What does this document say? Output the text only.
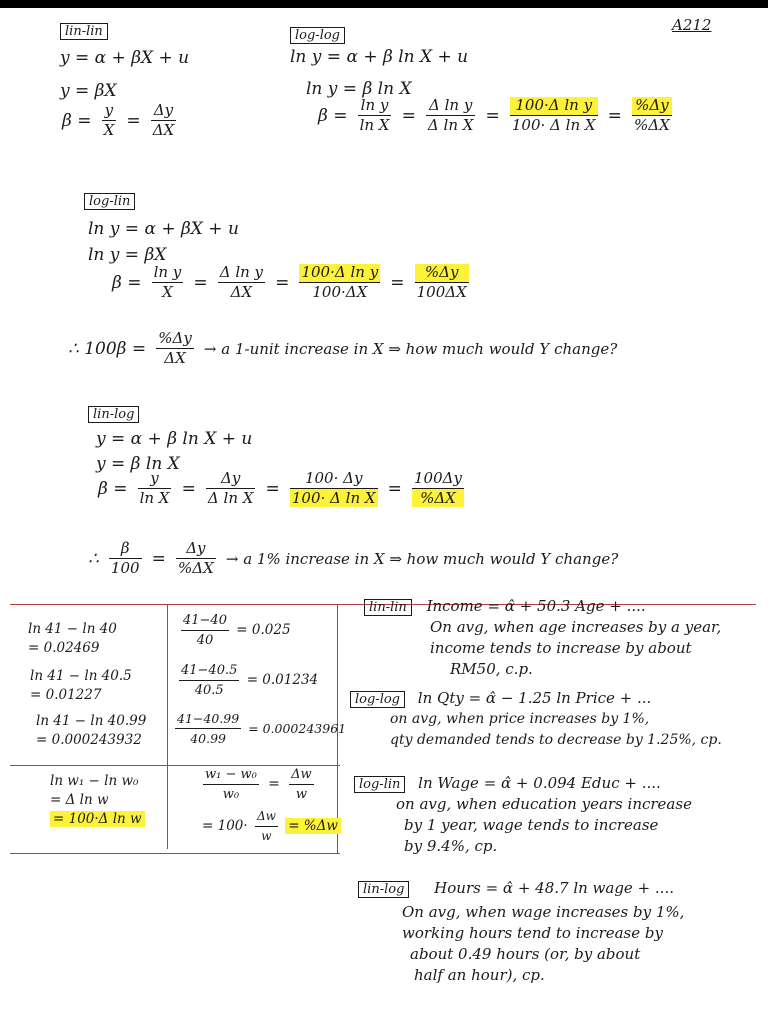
A212
lin-lin
y = α + βX + u
y = βX
$\beta = \frac{y}{X} = \frac{\Delta y}{\Delta X}$
log-log
ln y = α + β ln X + u
ln y = β ln X
$\beta = \frac{\text{ln y}}{\text{ln X}} = \frac{\text{Δ ln y}}{\text{Δ ln X}} = \frac{\text{100·Δ ln y}}{\text{100· Δ ln X}} = \frac{\%\Delta y}{\%\Delta X}$
log-lin
ln y = α + βX + u
ln y = βX
$\beta = \frac{\text{ln y}}{X} = \frac{\text{Δ ln y}}{\Delta X} = \frac{\text{100·Δ ln y}}{100\cdot\Delta X} = \frac{\%\Delta y}{100\Delta X}$
∴ $100\beta = \frac{\%\Delta y}{\Delta X} \to a$ 1-unit increase in X ⇒ how much would Y change?
lin-log
y = α + β ln X + u
y = β ln X
$\beta = \frac{y}{\text{ln X}} = \frac{\Delta y}{\text{Δ ln X}} = \frac{100\cdot \Delta y}{\text{100· Δ ln X}} = \frac{100\Delta y}{\%\Delta X}$
∴ $\frac{\beta}{100} = \frac{\Delta y}{\%\Delta X} \to a$ 1% increase in X ⇒ how much would Y change?
ln 41 − ln 40
= 0.02469
ln 41 − ln 40.5
= 0.01227
ln 41 − ln 40.99
= 0.000243932
ln w₁ − ln w₀
= Δ ln w
= 100·Δ ln w
$\frac{41-40}{40} = 0.025$
$\frac{41-40.5}{40.5} = 0.01234$
$\frac{41-40.99}{40.99} = 0.000243961$
$\frac{\text{w₁ − w₀}}{\text{w₀}} = \frac{\Delta w}{w}$
= $100\cdot \frac{\Delta w}{w} = \%\Delta w$
lin-lin Income = α̂ + 50.3 Age + ....
On avg, when age increases by a year,
income tends to increase by about
RM50, c.p.
log-log ln Qty = α̂ − 1.25 ln Price + ...
on avg, when price increases by 1%,
qty demanded tends to decrease by 1.25%, cp.
log-lin ln Wage = α̂ + 0.094 Educ + ....
on avg, when education years increase
by 1 year, wage tends to increase
by 9.4%, cp.
lin-log Hours = α̂ + 48.7 ln wage + ....
On avg, when wage increases by 1%,
working hours tend to increase by
about 0.49 hours (or, by about
half an hour), cp.
